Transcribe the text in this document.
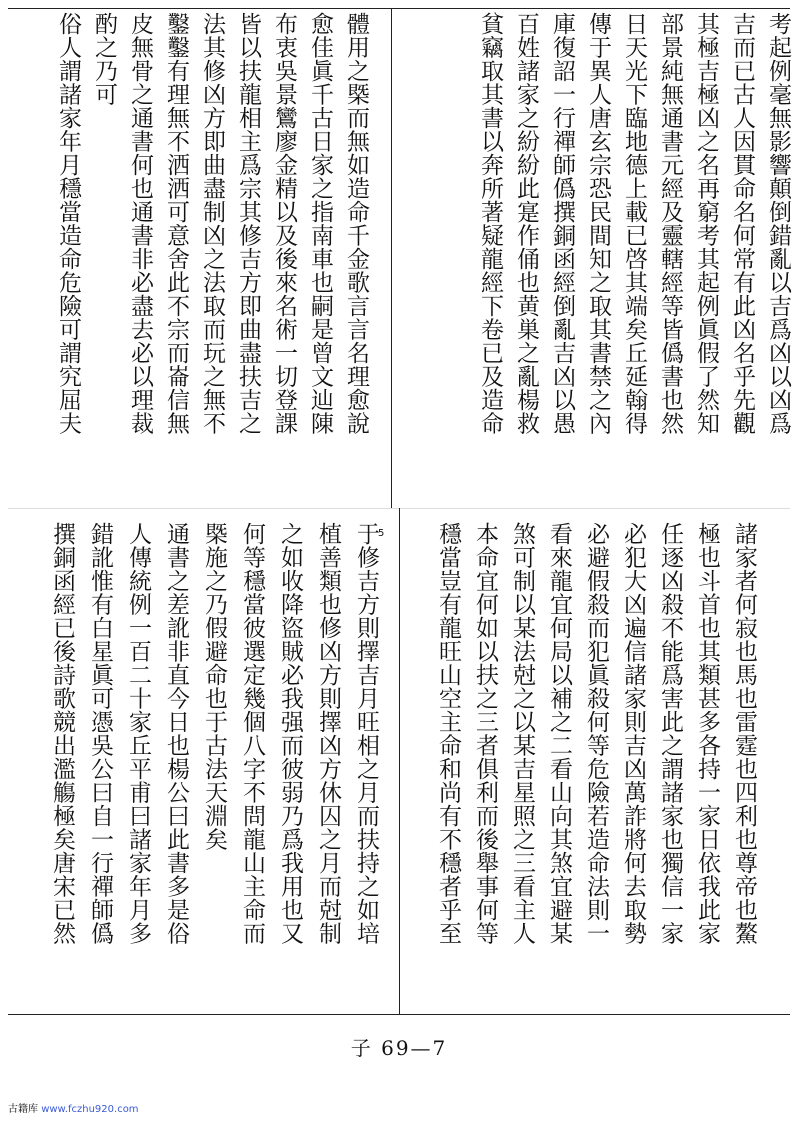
考起例毫無影響顛倒錯亂以吉爲凶以凶爲
吉而已古人因貫命名何常有此凶名乎先觀
其極吉極凶之名再窮考其起例眞假了然知
部景純無通書元經及靈轄經等皆僞書也然
日天光下臨地德上載已啓其端矣丘延翰得
傳于異人唐玄宗恐民間知之取其書禁之內
庫復詔一行禪師僞撰銅函經倒亂吉凶以愚
百姓諸家之紛紛此寔作俑也黄巣之亂楊救
貧竊取其書以奔所著疑龍經下卷已及造命
體用之槩而無如造命千金歌言言名理愈說
愈佳眞千古日家之指南車也嗣是曾文辿陳
布衷吳景鸞廖金精以及後來名術一切登課
皆以扶龍相主爲宗其修吉方即曲盡扶吉之
法其修凶方即曲盡制凶之法取而玩之無不
鑿鑿有理無不洒洒可意舍此不宗而崙信無
皮無骨之通書何也通書非必盡去必以理裁
酌之乃可
俗人謂諸家年月穩當造命危險可謂究屈夫
諸家者何寂也馬也雷霆也四利也尊帝也鰲
極也斗首也其類甚多各持一家日依我此家
任逐凶殺不能爲害此之謂諸家也獨信一家
必犯大凶遍信諸家則吉凶萬詐將何去取勢
必避假殺而犯眞殺何等危險若造命法則一
看來龍宜何局以補之二看山向其煞宜避某
煞可制以某法尅之以某吉星照之三看主人
本命宜何如以扶之三者俱利而後舉事何等
穩當豈有龍旺山空主命和尚有不穩者乎至
于修吉方則擇吉月旺相之月而扶持之如培
植善類也修凶方則擇凶方休囚之月而尅制
之如收降盜賊必我强而彼弱乃爲我用也又
何等穩當彼選定幾個八字不問龍山主命而
槩施之乃假避命也于古法天淵矣
通書之差訛非直今日也楊公曰此書多是俗
人傳統例一百二十家丘平甫曰諸家年月多
錯訛惟有白星眞可憑吳公曰自一行禪師僞
撰銅函經已後詩歌競出濫觴極矣唐宋已然	5
子 69—7
古籍库 www.fczhu920.com
